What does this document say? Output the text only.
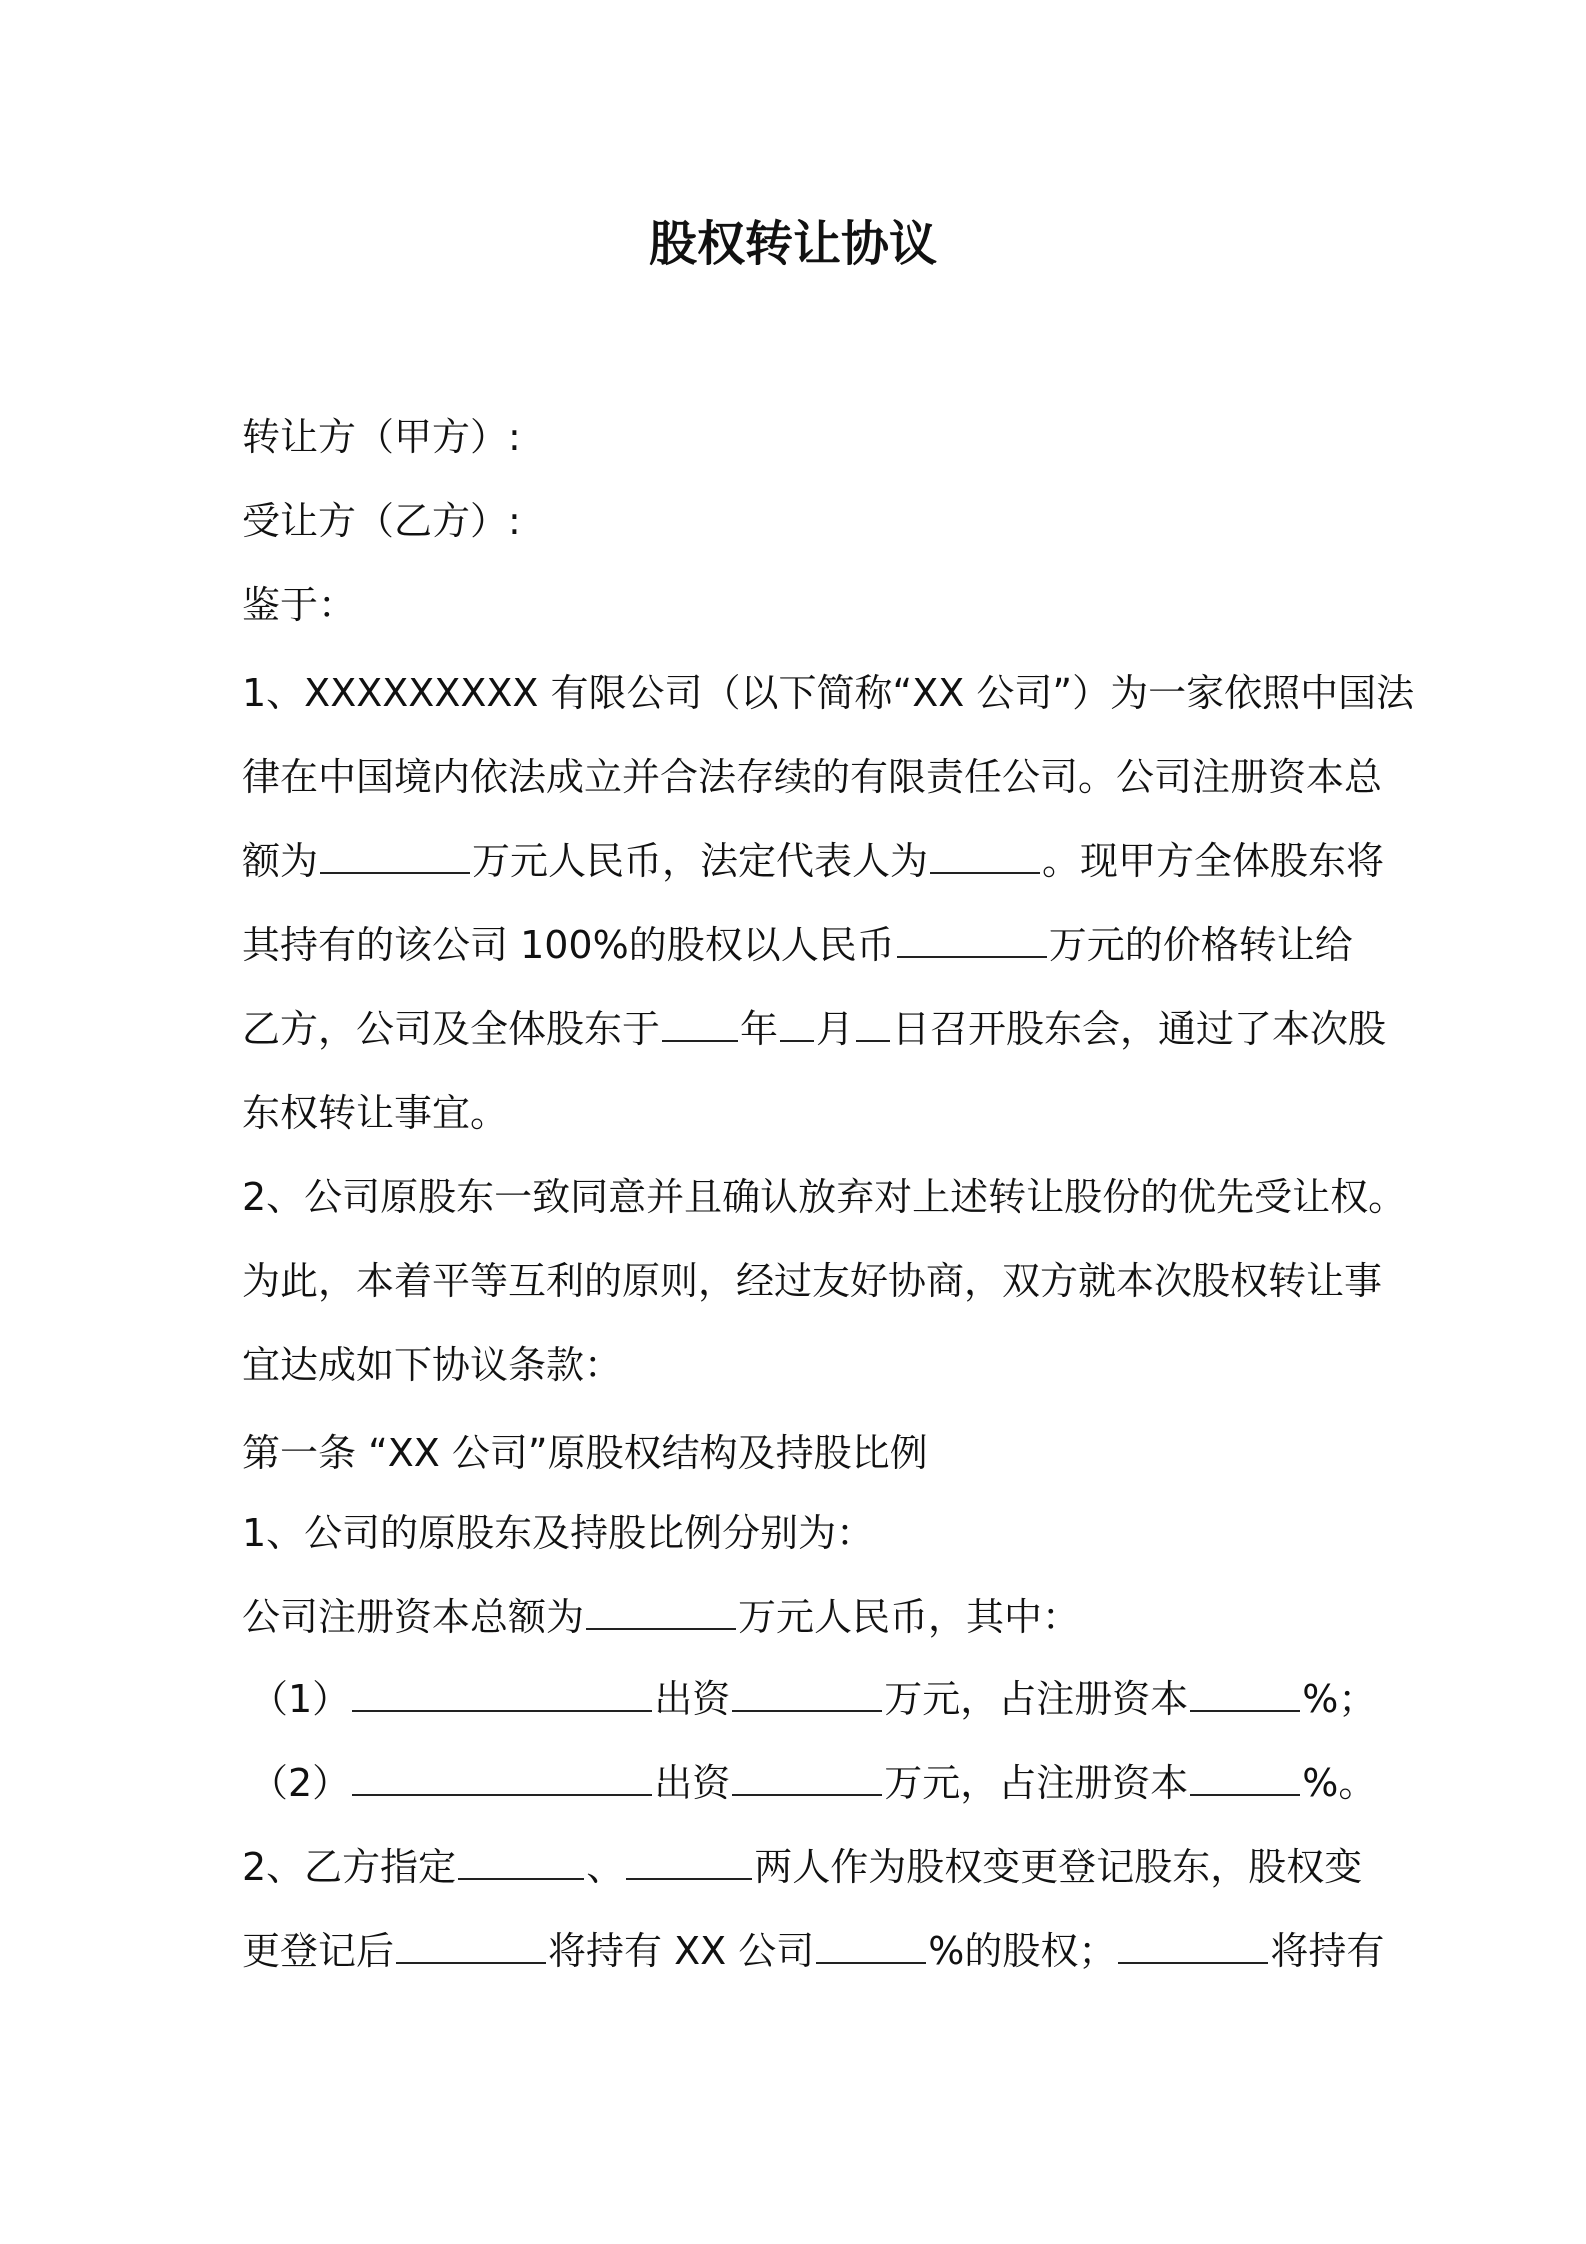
股权转让协议
转让方（甲方）:
受让方（乙方）:
鉴于：
1、XXXXXXXXX 有限公司（以下简称“XX 公司”）为一家依照中国法
律在中国境内依法成立并合法存续的有限责任公司。公司注册资本总
额为	万元人民币，法定代表人为	。现甲方全体股东将
其持有的该公司 100%的股权以人民币	万元的价格转让给
乙方，公司及全体股东于 年 月 日召开股东会，通过了本次股
东权转让事宜。
2、公司原股东一致同意并且确认放弃对上述转让股份的优先受让权。
为此，本着平等互利的原则，经过友好协商，双方就本次股权转让事
宜达成如下协议条款：
第一条 “XX 公司”原股权结构及持股比例
1、公司的原股东及持股比例分别为：
公司注册资本总额为	万元人民币，其中：
（1）	出资	万元，占注册资本	%；
（2）	出资	万元，占注册资本	%。
2、乙方指定	、	两人作为股权变更登记股东，股权变
更登记后	将持有 XX 公司	%的股权；	将持有
